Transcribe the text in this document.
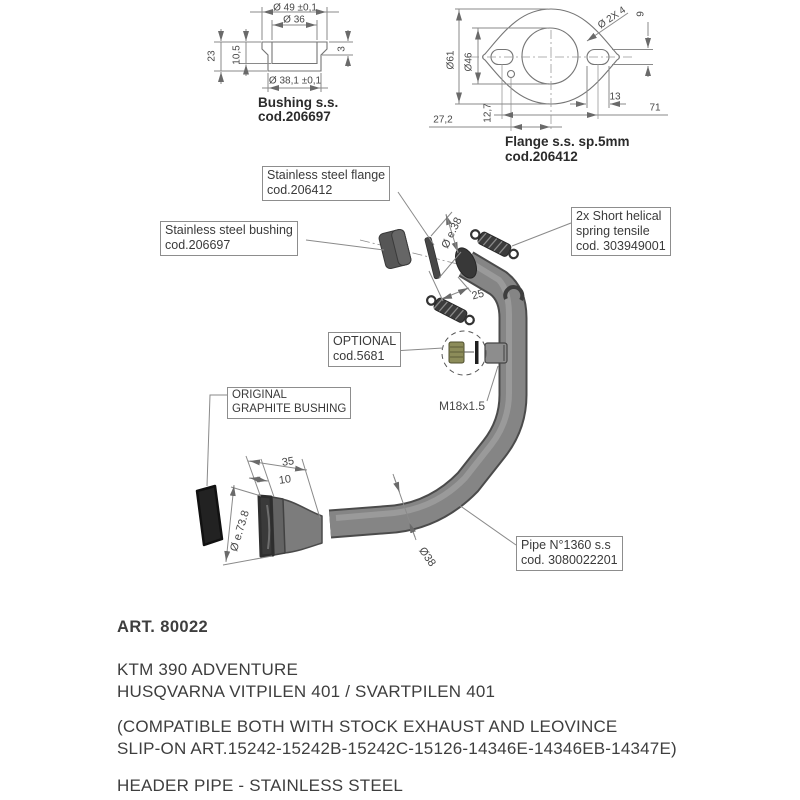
Ø 49 ±0,1
Ø 36
23 10,5	3
Ø 38,1 ±0,1
Bushing s.s.
cod.206697
Ø61 Ø46
Ø 2X 4 9
13
71
27,2	12,7
Flange s.s. sp.5mm
cod.206412
Stainless steel flange
cod.206412
Stainless steel bushing
cod.206697
2x Short helical
spring tensile
cod. 303949001
OPTIONAL
cod.5681
ORIGINAL
GRAPHITE BUSHING
Pipe N°1360 s.s
cod. 3080022201
M18x1.5
Ø e.38
25
35
10
Ø e.73.8
Ø38
ART. 80022
KTM 390 ADVENTURE
HUSQVARNA VITPILEN 401 / SVARTPILEN 401
(COMPATIBLE BOTH WITH STOCK EXHAUST AND LEOVINCE
SLIP-ON ART.15242-15242B-15242C-15126-14346E-14346EB-14347E)
HEADER PIPE - STAINLESS STEEL
